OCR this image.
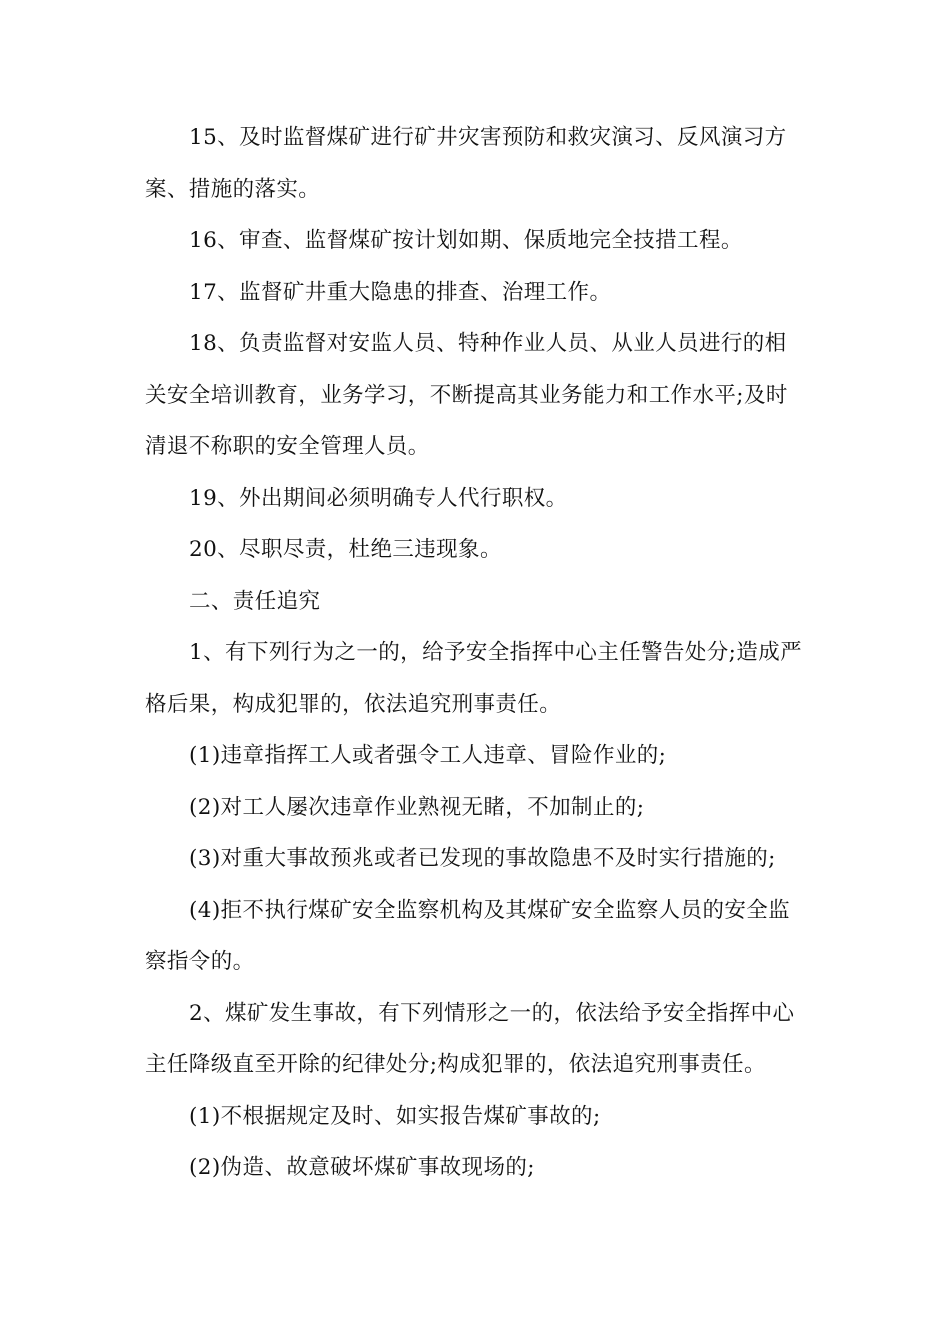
15、及时监督煤矿进行矿井灾害预防和救灾演习、反风演习方案、措施的落实。

16、审查、监督煤矿按计划如期、保质地完全技措工程。

17、监督矿井重大隐患的排查、治理工作。

18、负责监督对安监人员、特种作业人员、从业人员进行的相关安全培训教育，业务学习，不断提高其业务能力和工作水平;及时清退不称职的安全管理人员。

19、外出期间必须明确专人代行职权。

20、尽职尽责，杜绝三违现象。

二、责任追究

1、有下列行为之一的，给予安全指挥中心主任警告处分;造成严格后果，构成犯罪的，依法追究刑事责任。

(1)违章指挥工人或者强令工人违章、冒险作业的;

(2)对工人屡次违章作业熟视无睹，不加制止的;

(3)对重大事故预兆或者已发现的事故隐患不及时实行措施的;

(4)拒不执行煤矿安全监察机构及其煤矿安全监察人员的安全监察指令的。

2、煤矿发生事故，有下列情形之一的，依法给予安全指挥中心主任降级直至开除的纪律处分;构成犯罪的，依法追究刑事责任。

(1)不根据规定及时、如实报告煤矿事故的;

(2)伪造、故意破坏煤矿事故现场的;
